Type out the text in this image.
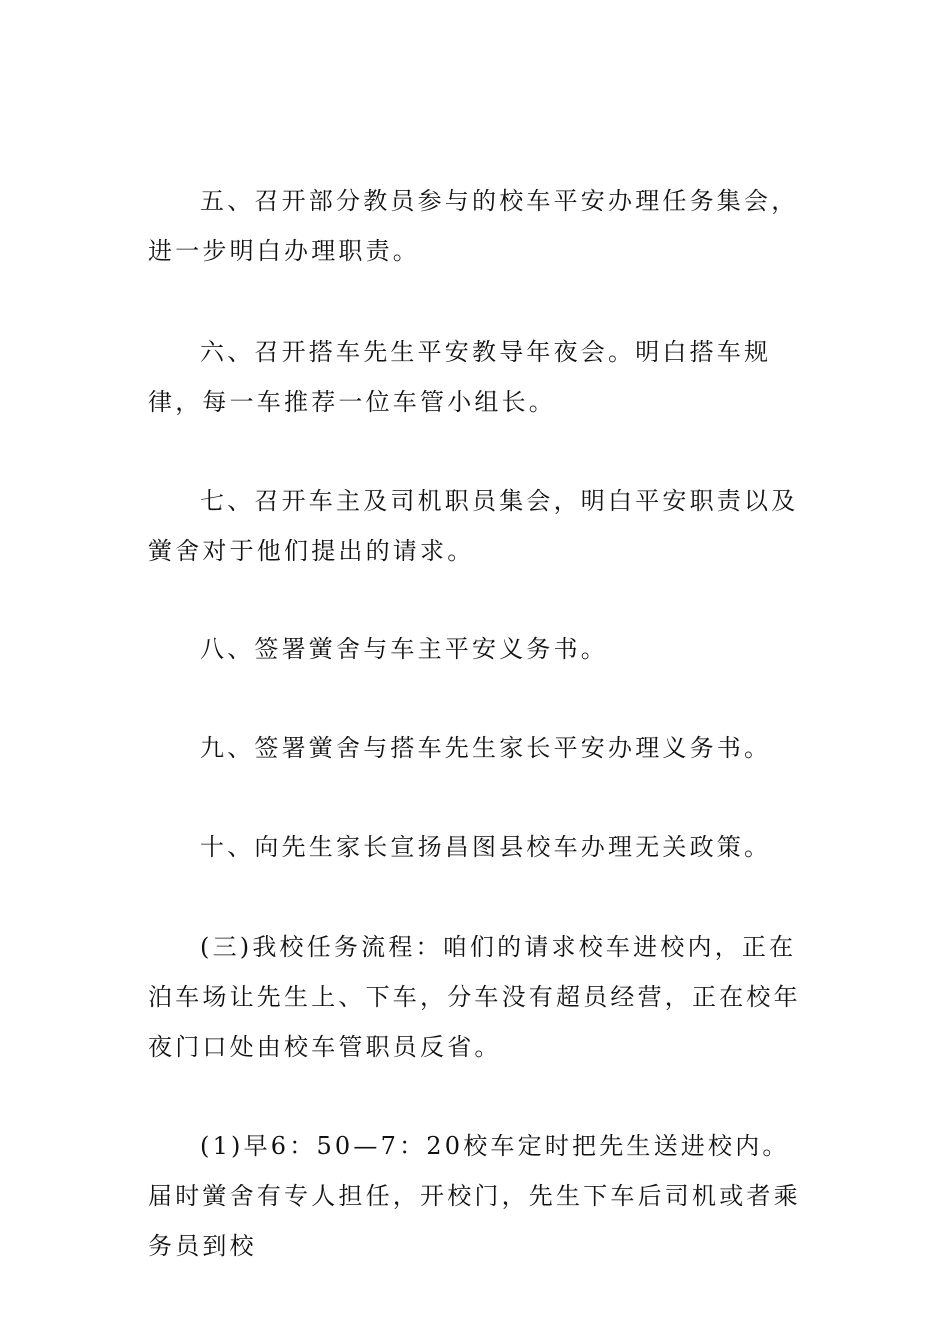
五、召开部分教员参与的校车平安办理任务集会，进一步明白办理职责。

六、召开搭车先生平安教导年夜会。明白搭车规律，每一车推荐一位车管小组长。

七、召开车主及司机职员集会，明白平安职责以及黉舍对于他们提出的请求。

八、签署黉舍与车主平安义务书。

九、签署黉舍与搭车先生家长平安办理义务书。

十、向先生家长宣扬昌图县校车办理无关政策。

(三)我校任务流程：咱们的请求校车进校内，正在泊车场让先生上、下车，分车没有超员经营，正在校年夜门口处由校车管职员反省。

(1)早6：50—7：20校车定时把先生送进校内。届时黉舍有专人担任，开校门，先生下车后司机或者乘务员到校
